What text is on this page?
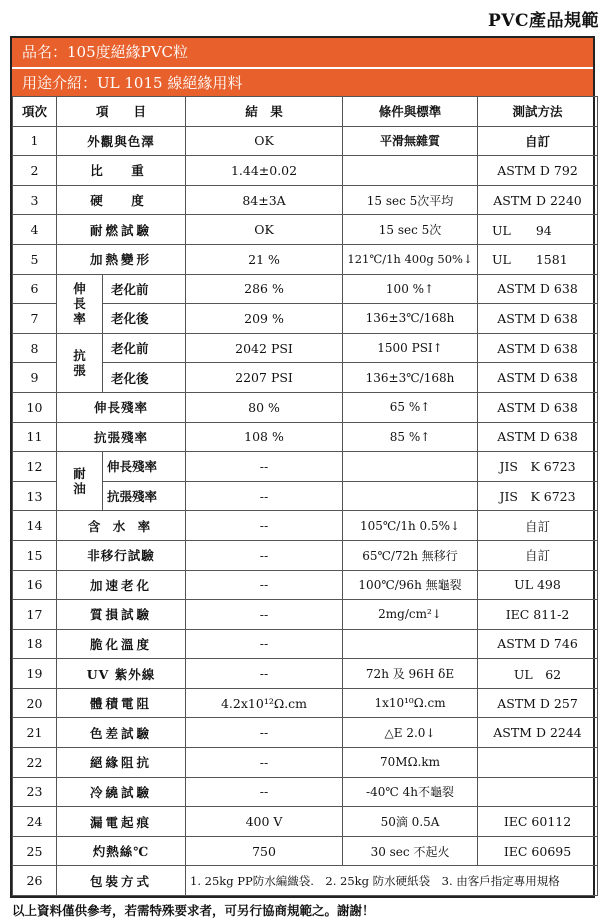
PVC產品規範
品名：105度絕緣PVC粒
用途介紹：UL 1015 線絕緣用料
項次	項　　目		結　果	條件與標準	測試方法
1	外觀與色澤		OK	平滑無雜質	自訂
2	比　重		1.44±0.02		ASTM D 792
3	硬　度		84±3A	15 sec 5次平均	ASTM D 2240
4	耐燃試驗		OK	15 sec 5次	UL　　94
5	加熱變形		21 %	121℃/1h 400g 50%↓	UL　　1581
6	伸長率	老化前	286 %	100 %↑	ASTM D 638
7		老化後	209 %	136±3℃/168h	ASTM D 638
8	抗張	老化前	2042 PSI	1500 PSI↑	ASTM D 638
9		老化後	2207 PSI	136±3℃/168h	ASTM D 638
10	伸長殘率		80 %	65 %↑	ASTM D 638
11	抗張殘率		108 %	85 %↑	ASTM D 638
12	耐油	伸長殘率	--		JIS　K 6723
13		抗張殘率	--		JIS　K 6723
14	含 水 率		--	105℃/1h 0.5%↓	自訂
15	非移行試驗		--	65℃/72h 無移行	自訂
16	加速老化		--	100℃/96h 無龜裂	UL 498
17	質損試驗		--	2mg/cm²↓	IEC 811-2
18	脆化溫度		--		ASTM D 746
19	UV 紫外線		--	72h 及 96H δE	UL　62
20	體積電阻		4.2x10¹²Ω.cm	1x10¹⁰Ω.cm	ASTM D 257
21	色差試驗		--	△E 2.0↓	ASTM D 2244
22	絕緣阻抗		--	70MΩ.km	
23	冷繞試驗		--	-40℃ 4h不龜裂	
24	漏電起痕		400 V	50滴 0.5A	IEC 60112
25	灼熱絲℃		750	30 sec 不起火	IEC 60695
26	包裝方式		1. 25kg PP防水編織袋.　2. 25kg 防水硬紙袋　3. 由客戶指定專用規格		
以上資料僅供參考，若需特殊要求者，可另行協商規範之。謝謝！
